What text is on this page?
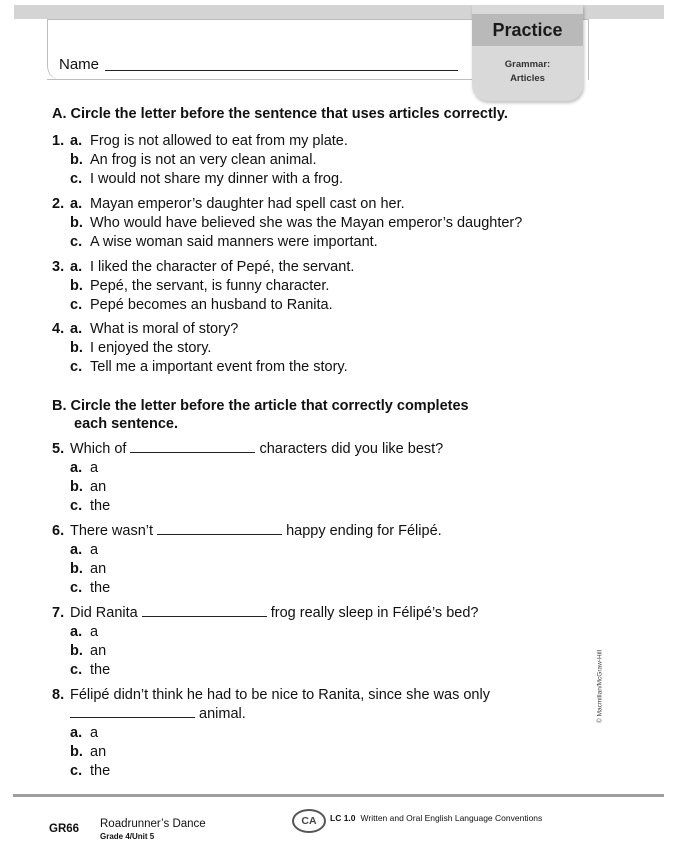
Name
Practice
Grammar:
Articles
A. Circle the letter before the sentence that uses articles correctly.
1. a. Frog is not allowed to eat from my plate.
b. An frog is not an very clean animal.
c. I would not share my dinner with a frog.
2. a. Mayan emperor’s daughter had spell cast on her.
b. Who would have believed she was the Mayan emperor’s daughter?
c. A wise woman said manners were important.
3. a. I liked the character of Pepé, the servant.
b. Pepé, the servant, is funny character.
c. Pepé becomes an husband to Ranita.
4. a. What is moral of story?
b. I enjoyed the story.
c. Tell me a important event from the story.
B. Circle the letter before the article that correctly completes
each sentence.
5. Which of	characters did you like best?
a. a
b. an
c. the
6. There wasn’t	happy ending for Félipé.
a. a
b. an
c. the
7. Did Ranita	frog really sleep in Félipé’s bed?
a. a
b. an
c. the
8. Félipé didn’t think he had to be nice to Ranita, since she was only
animal.
a. a
b. an
c. the
© Macmillan/McGraw-Hill
GR66 Roadrunner’s Dance
Grade 4/Unit 5
CA	LC 1.0 Written and Oral English Language Conventions
